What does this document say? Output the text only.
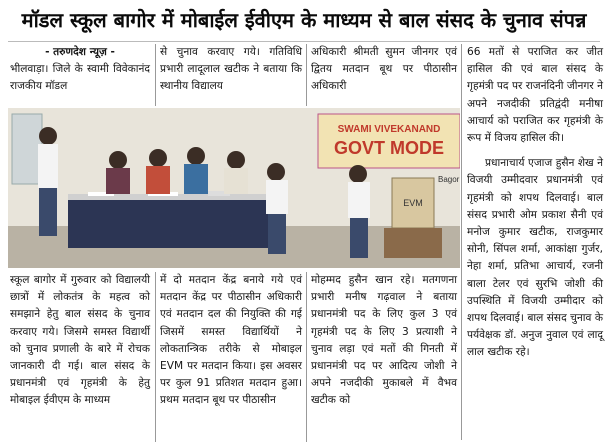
मॉडल स्कूल बागोर में मोबाईल ईवीएम के माध्यम से बाल संसद के चुनाव संपन्न

- तरुणदेश न्यूज़ -

भीलवाड़ा। जिले के स्वामी विवेकानंद राजकीय मॉडल

से चुनाव करवाए गये। गतिविधि प्रभारी लादूलाल खटीक ने बताया कि स्थानीय विद्यालय

अधिकारी श्रीमती सुमन जीनगर एवं द्वितय मतदान बूथ पर पीठासीन अधिकारी

66 मतों से पराजित कर जीत हासिल की एवं बाल संसद के गृहमंत्री पद पर राजनंदिनी जीनगर ने अपने नजदीकी प्रतिद्वंदी मनीषा आचार्य को पराजित कर गृहमंत्री के रूप में विजय हासिल की।

प्रधानाचार्य एजाज हुसैन शेख ने विजयी उम्मीदवार प्रधानमंत्री एवं गृहमंत्री को शपथ दिलवाई। बाल संसद प्रभारी ओम प्रकाश सैनी एवं मनोज कुमार खटीक, राजकुमार सोनी, सिंपल शर्मा, आकांक्षा गुर्जर, नेहा शर्मा, प्रतिभा आचार्य, रजनी बाला टेलर एवं सुरभि जोशी की उपस्थिति में विजयी उम्मीदार को शपथ दिलवाई। बाल संसद चुनाव के पर्यवेक्षक डॉ. अनुज नुवाल एवं लादू लाल खटीक रहे।

SWAMI VIVEKANAND
GOVT MODE
EVM
Bagor

स्कूल बागोर में गुरुवार को विद्यालयी छात्रों में लोकतंत्र के महत्व को समझाने हेतु बाल संसद के चुनाव करवाए गये। जिसमे समस्त विद्यार्थी को चुनाव प्रणाली के बारे में रोचक जानकारी दी गई। बाल संसद के प्रधानमंत्री एवं गृहमंत्री के हेतु मोबाइल ईवीएम के माध्यम

में दो मतदान केंद्र बनाये गये एवं मतदान केंद्र पर पीठासीन अधिकारी एवं मतदान दल की नियुक्ति की गई जिसमें समस्त विद्यार्थियों ने लोकतान्त्रिक तरीके से मोबाइल EVM पर मतदान किया। इस अवसर पर कुल 91 प्रतिशत मतदान हुआ। प्रथम मतदान बूथ पर पीठासीन

मोहम्मद हुसैन खान रहे। मतगणना प्रभारी मनीष गढ़वाल ने बताया प्रधानमंत्री पद के लिए कुल 3 एवं गृहमंत्री पद के लिए 3 प्रत्याशी ने चुनाव लड़ा एवं मतों की गिनती में प्रधानमंत्री पद पर आदित्य जोशी ने अपने नजदीकी मुकाबले में वैभव खटीक को
